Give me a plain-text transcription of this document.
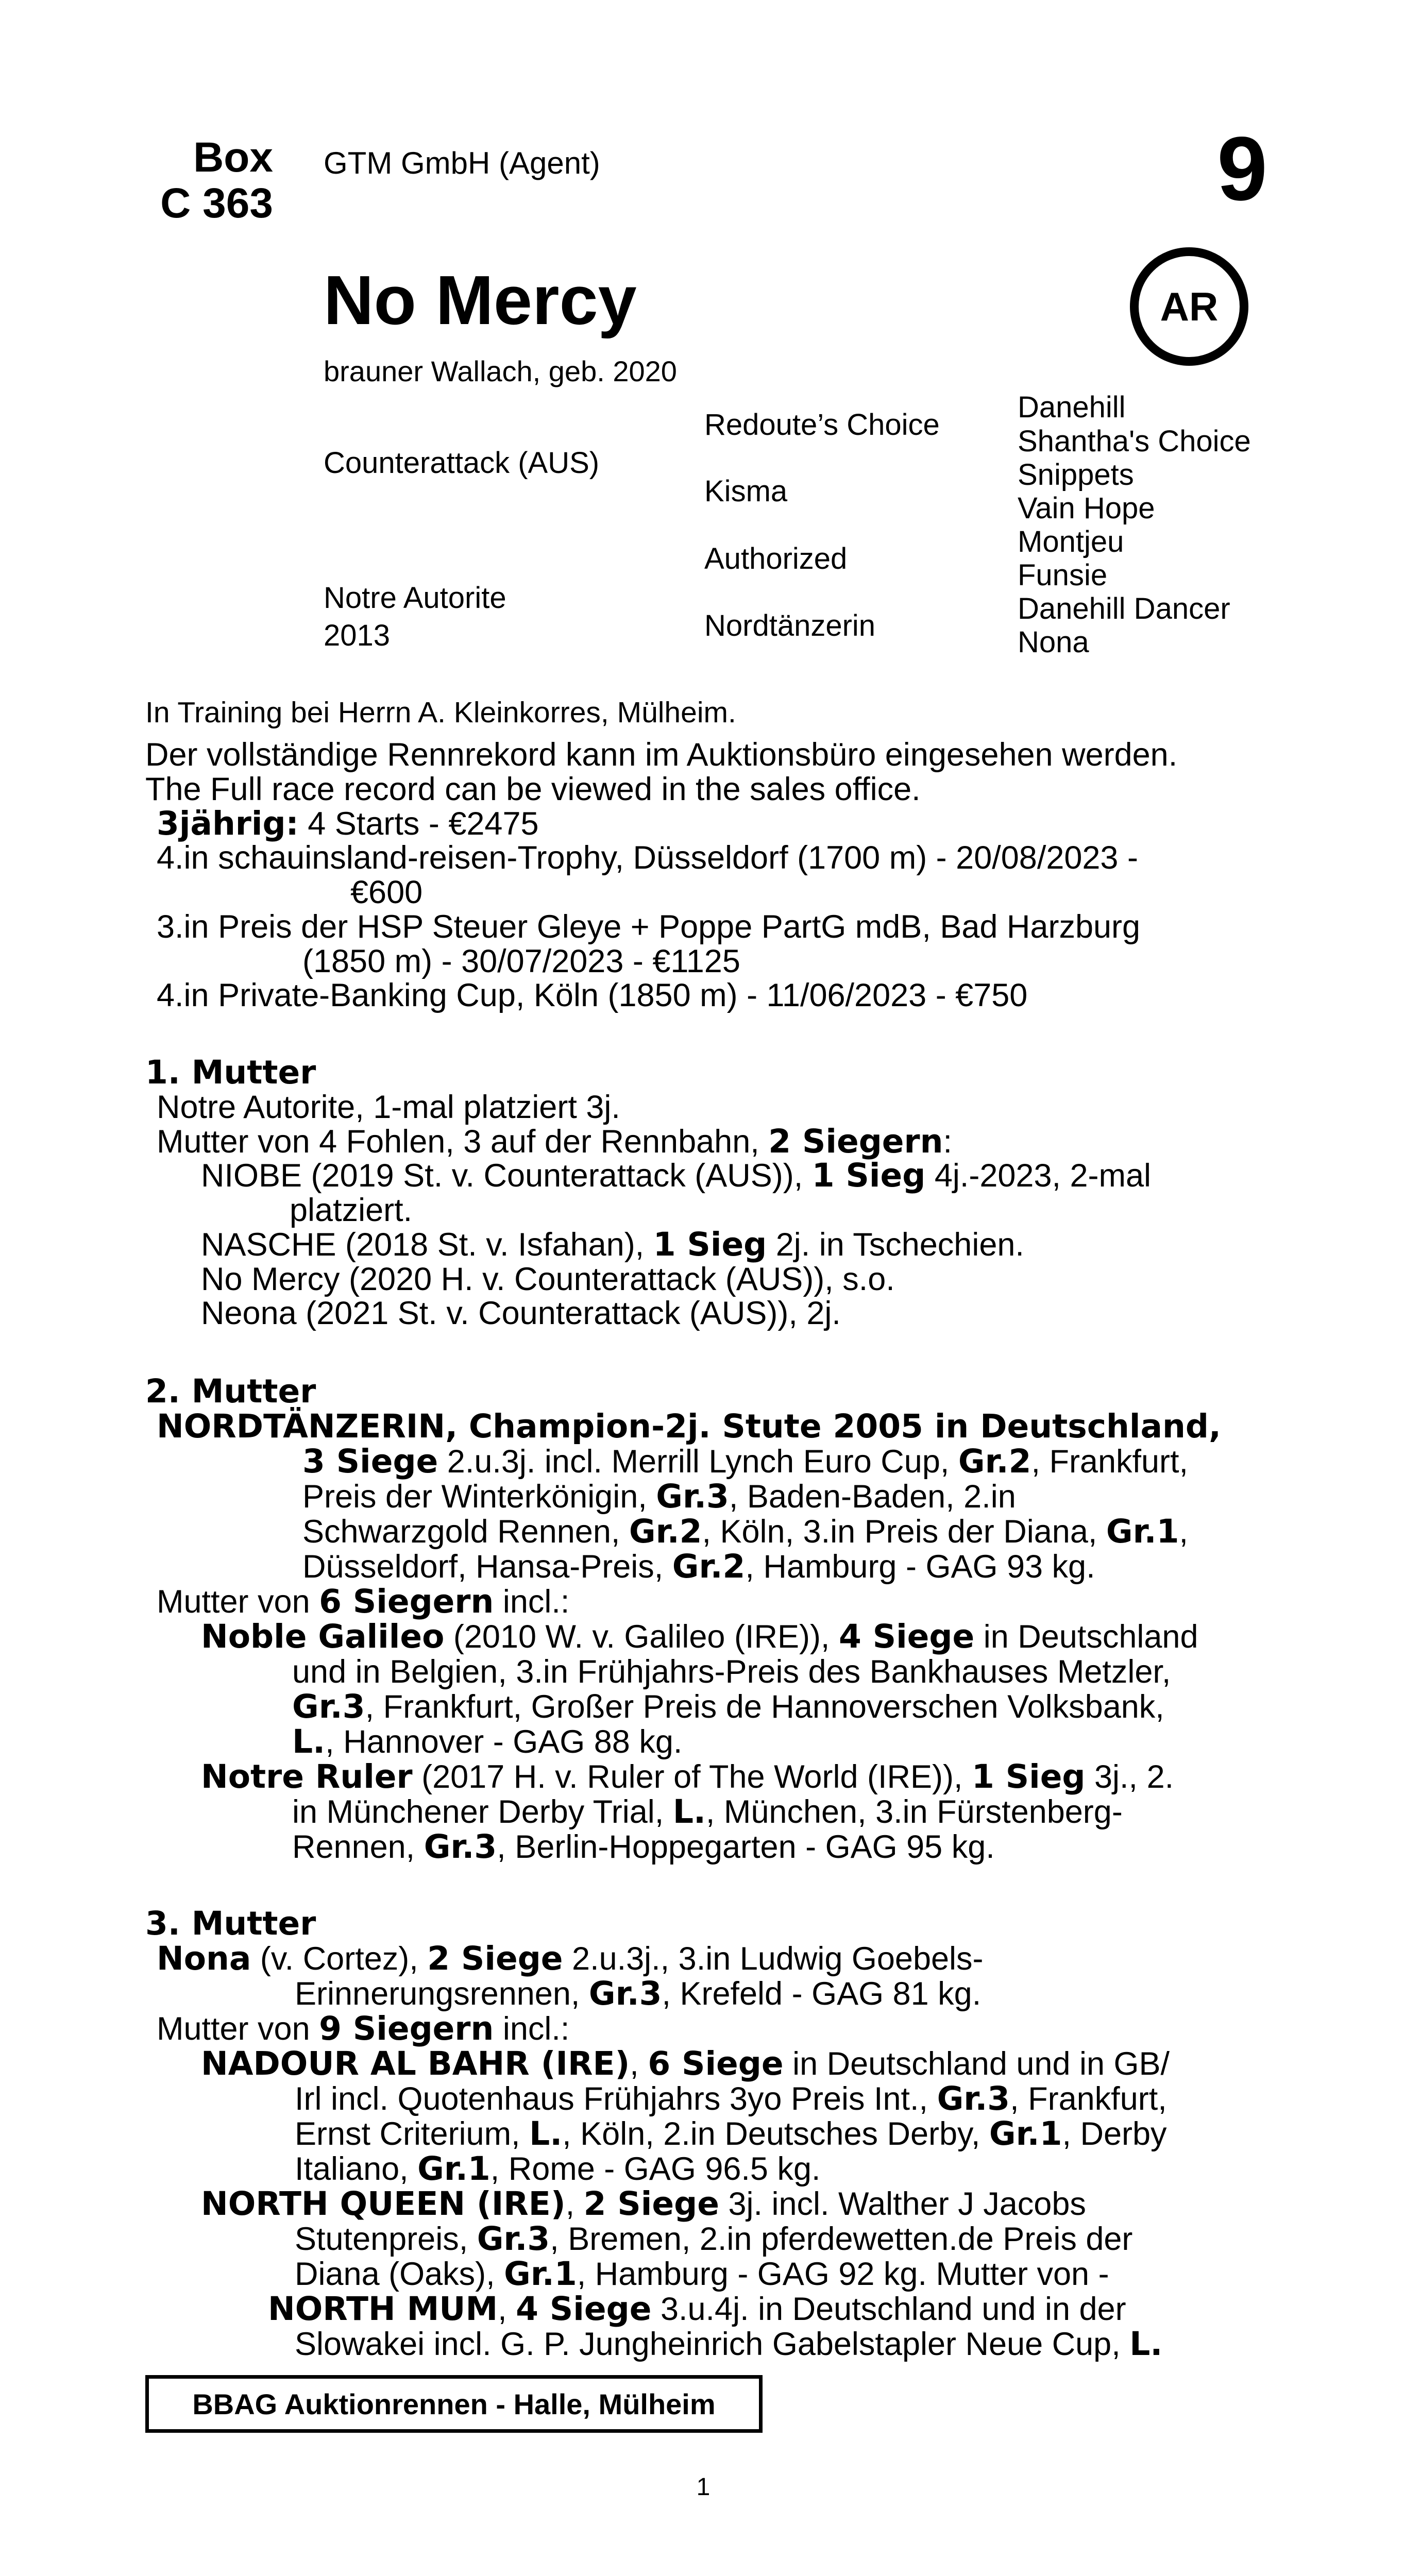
Box
C 363
GTM GmbH (Agent)	9
AR
No Mercy
brauner Wallach, geb. 2020
Counterattack (AUS)
Notre Autorite
2013
Redoute’s Choice
Kisma
Authorized
Nordtänzerin
Danehill
Shantha's Choice
Snippets
Vain Hope
Montjeu
Funsie
Danehill Dancer
Nona
In Training bei Herrn A. Kleinkorres, Mülheim.
Der vollständige Rennrekord kann im Auktionsbüro eingesehen werden.
The Full race record can be viewed in the sales office.
3jährig: 4 Starts - €2475
4.in schauinsland-reisen-Trophy, Düsseldorf (1700 m) - 20/08/2023 -
€600
3.in Preis der HSP Steuer Gleye + Poppe PartG mdB, Bad Harzburg
(1850 m) - 30/07/2023 - €1125
4.in Private-Banking Cup, Köln (1850 m) - 11/06/2023 - €750
1. Mutter
Notre Autorite, 1-mal platziert 3j.
Mutter von 4 Fohlen, 3 auf der Rennbahn, 2 Siegern:
NIOBE (2019 St. v. Counterattack (AUS)), 1 Sieg 4j.-2023, 2-mal
platziert.
NASCHE (2018 St. v. Isfahan), 1 Sieg 2j. in Tschechien.
No Mercy (2020 H. v. Counterattack (AUS)), s.o.
Neona (2021 St. v. Counterattack (AUS)), 2j.
2. Mutter
NORDTÄNZERIN, Champion-2j. Stute 2005 in Deutschland,
3 Siege 2.u.3j. incl. Merrill Lynch Euro Cup, Gr.2, Frankfurt,
Preis der Winterkönigin, Gr.3, Baden-Baden, 2.in
Schwarzgold Rennen, Gr.2, Köln, 3.in Preis der Diana, Gr.1,
Düsseldorf, Hansa-Preis, Gr.2, Hamburg - GAG 93 kg.
Mutter von 6 Siegern incl.:
Noble Galileo (2010 W. v. Galileo (IRE)), 4 Siege in Deutschland
und in Belgien, 3.in Frühjahrs-Preis des Bankhauses Metzler,
Gr.3, Frankfurt, Großer Preis de Hannoverschen Volksbank,
L., Hannover - GAG 88 kg.
Notre Ruler (2017 H. v. Ruler of The World (IRE)), 1 Sieg 3j., 2.
in Münchener Derby Trial, L., München, 3.in Fürstenberg-
Rennen, Gr.3, Berlin-Hoppegarten - GAG 95 kg.
3. Mutter
Nona (v. Cortez), 2 Siege 2.u.3j., 3.in Ludwig Goebels-
Erinnerungsrennen, Gr.3, Krefeld - GAG 81 kg.
Mutter von 9 Siegern incl.:
NADOUR AL BAHR (IRE), 6 Siege in Deutschland und in GB/
Irl incl. Quotenhaus Frühjahrs 3yo Preis Int., Gr.3, Frankfurt,
Ernst Criterium, L., Köln, 2.in Deutsches Derby, Gr.1, Derby
Italiano, Gr.1, Rome - GAG 96.5 kg.
NORTH QUEEN (IRE), 2 Siege 3j. incl. Walther J Jacobs
Stutenpreis, Gr.3, Bremen, 2.in pferdewetten.de Preis der
Diana (Oaks), Gr.1, Hamburg - GAG 92 kg. Mutter von -
NORTH MUM, 4 Siege 3.u.4j. in Deutschland und in der
Slowakei incl. G. P. Jungheinrich Gabelstapler Neue Cup, L.
BBAG Auktionrennen - Halle, Mülheim
1
